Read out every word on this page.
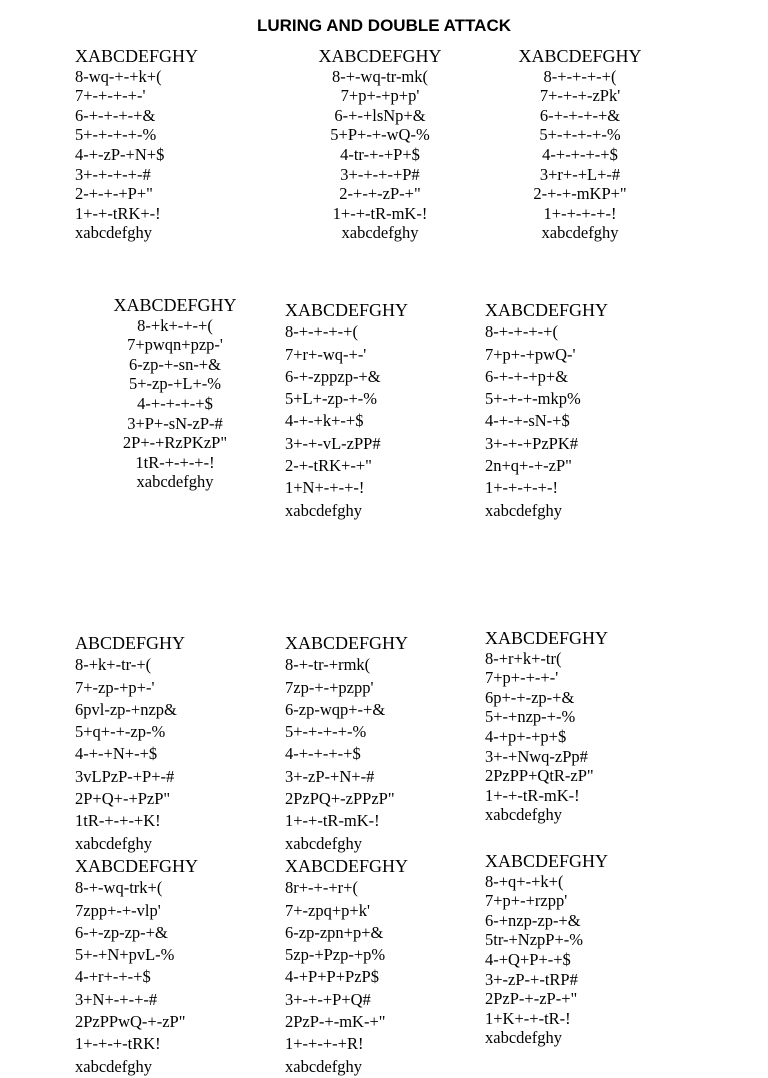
LURING AND DOUBLE ATTACK
XABCDEFGHY
8-wq-+-+k+(
7+-+-+-+-'
6-+-+-+-+&
5+-+-+-+-%
4-+-zP-+N+$
3+-+-+-+-#
2-+-+-+P+"
1+-+-tRK+-!
xabcdefghy
XABCDEFGHY
8-+-wq-tr-mk(
7+p+-+p+p'
6-+-+lsNp+&
5+P+-+-wQ-%
4-tr-+-+P+$
3+-+-+-+P#
2-+-+-zP-+"
1+-+-tR-mK-!
xabcdefghy
XABCDEFGHY
8-+-+-+-+(
7+-+-+-zPk'
6-+-+-+-+&
5+-+-+-+-%
4-+-+-+-+$
3+r+-+L+-#
2-+-+-mKP+"
1+-+-+-+-!
xabcdefghy
XABCDEFGHY
8-+k+-+-+(
7+pwqn+pzp-'
6-zp-+-sn-+&
5+-zp-+L+-%
4-+-+-+-+$
3+P+-sN-zP-#
2P+-+RzPKzP"
1tR-+-+-+-!
xabcdefghy
XABCDEFGHY
8-+-+-+-+(
7+r+-wq-+-'
6-+-zppzp-+&
5+L+-zp-+-%
4-+-+k+-+$
3+-+-vL-zPP#
2-+-tRK+-+"
1+N+-+-+-!
xabcdefghy
XABCDEFGHY
8-+-+-+-+(
7+p+-+pwQ-'
6-+-+-+p+&
5+-+-+-mkp%
4-+-+-sN-+$
3+-+-+PzPK#
2n+q+-+-zP"
1+-+-+-+-!
xabcdefghy
ABCDEFGHY
8-+k+-tr-+(
7+-zp-+p+-'
6pvl-zp-+nzp&
5+q+-+-zp-%
4-+-+N+-+$
3vLPzP-+P+-#
2P+Q+-+PzP"
1tR-+-+-+K!
xabcdefghy
XABCDEFGHY
8-+-tr-+rmk(
7zp-+-+pzpp'
6-zp-wqp+-+&
5+-+-+-+-%
4-+-+-+-+$
3+-zP-+N+-#
2PzPQ+-zPPzP"
1+-+-tR-mK-!
xabcdefghy
XABCDEFGHY
8-+r+k+-tr(
7+p+-+-+-'
6p+-+-zp-+&
5+-+nzp-+-%
4-+p+-+p+$
3+-+Nwq-zPp#
2PzPP+QtR-zP"
1+-+-tR-mK-!
xabcdefghy
XABCDEFGHY
8-+-wq-trk+(
7zpp+-+-vlp'
6-+-zp-zp-+&
5+-+N+pvL-%
4-+r+-+-+$
3+N+-+-+-#
2PzPPwQ-+-zP"
1+-+-+-tRK!
xabcdefghy
XABCDEFGHY
8r+-+-+r+(
7+-zpq+p+k'
6-zp-zpn+p+&
5zp-+Pzp-+p%
4-+P+P+PzP$
3+-+-+P+Q#
2PzP-+-mK-+"
1+-+-+-+R!
xabcdefghy
XABCDEFGHY
8-+q+-+k+(
7+p+-+rzpp'
6-+nzp-zp-+&
5tr-+NzpP+-%
4-+Q+P+-+$
3+-zP-+-tRP#
2PzP-+-zP-+"
1+K+-+-tR-!
xabcdefghy
